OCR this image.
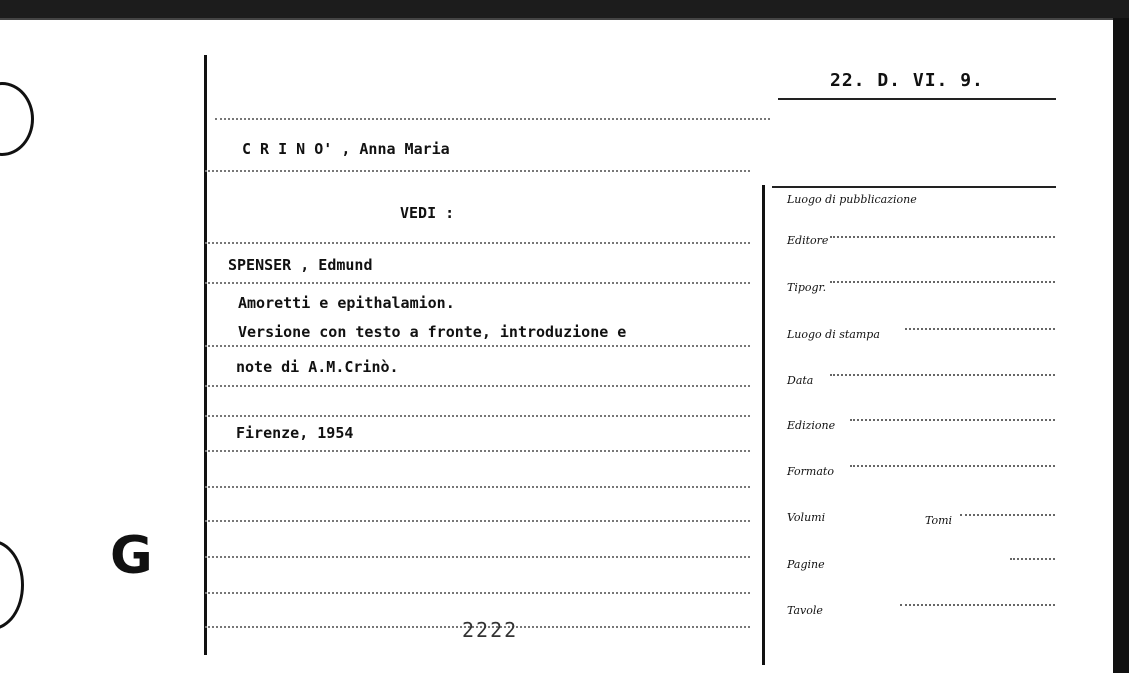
G
22. D. VI. 9.
C R I N O' , Anna Maria
VEDI :
SPENSER , Edmund
Amoretti e epithalamion.
Versione con testo a fronte, introduzione e
note di A.M.Crinò.
Firenze, 1954
2222
Luogo di pubblicazione
Editore
Tipogr.
Luogo di stampa
Data
Edizione
Formato
Volumi	Tomi
Pagine
Tavole
